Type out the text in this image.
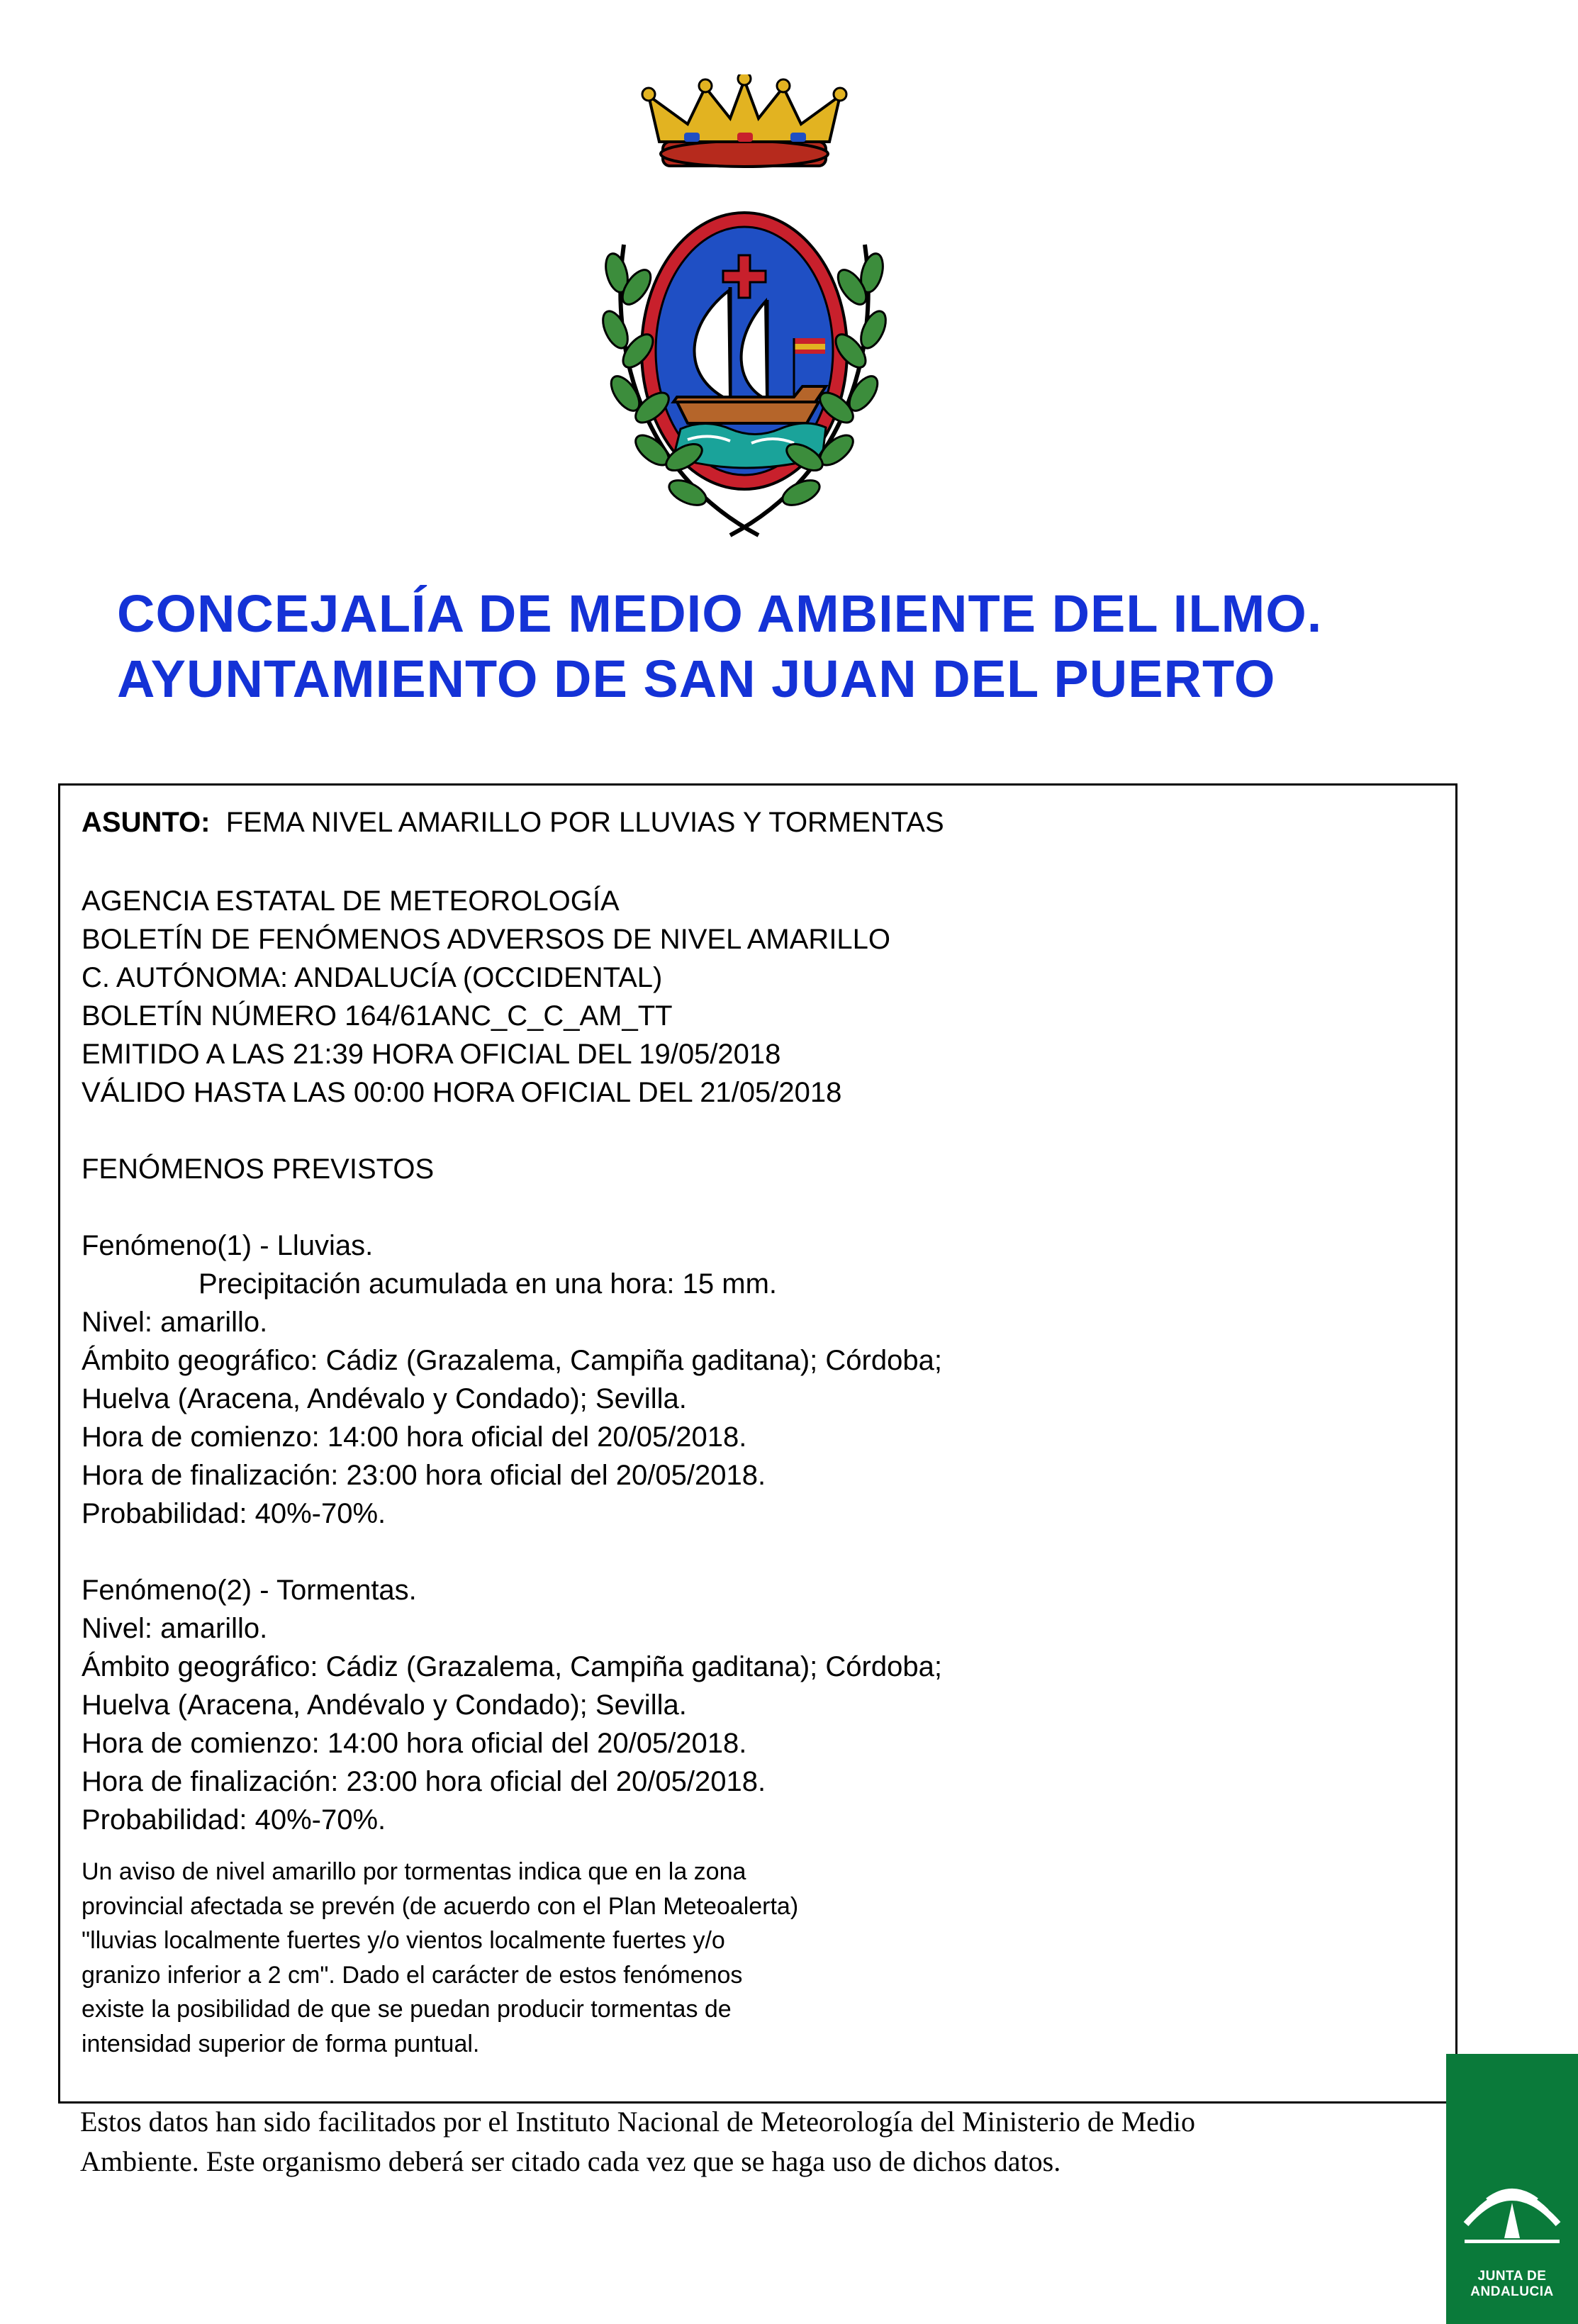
CONCEJALÍA DE MEDIO AMBIENTE DEL ILMO.
AYUNTAMIENTO DE SAN JUAN DEL PUERTO
ASUNTO: FEMA NIVEL AMARILLO POR LLUVIAS Y TORMENTAS
AGENCIA ESTATAL DE METEOROLOGÍA
BOLETÍN DE FENÓMENOS ADVERSOS DE NIVEL AMARILLO
C. AUTÓNOMA: ANDALUCÍA (OCCIDENTAL)
BOLETÍN NÚMERO 164/61ANC_C_C_AM_TT
EMITIDO A LAS 21:39 HORA OFICIAL DEL 19/05/2018
VÁLIDO HASTA LAS 00:00 HORA OFICIAL DEL 21/05/2018
FENÓMENOS PREVISTOS
Fenómeno(1) - Lluvias.
Precipitación acumulada en una hora: 15 mm.
Nivel: amarillo.
Ámbito geográfico: Cádiz (Grazalema, Campiña gaditana); Córdoba;
Huelva (Aracena, Andévalo y Condado); Sevilla.
Hora de comienzo: 14:00 hora oficial del 20/05/2018.
Hora de finalización: 23:00 hora oficial del 20/05/2018.
Probabilidad: 40%-70%.
Fenómeno(2) - Tormentas.
Nivel: amarillo.
Ámbito geográfico: Cádiz (Grazalema, Campiña gaditana); Córdoba;
Huelva (Aracena, Andévalo y Condado); Sevilla.
Hora de comienzo: 14:00 hora oficial del 20/05/2018.
Hora de finalización: 23:00 hora oficial del 20/05/2018.
Probabilidad: 40%-70%.
Un aviso de nivel amarillo por tormentas indica que en la zona
provincial afectada se prevén (de acuerdo con el Plan Meteoalerta)
"lluvias localmente fuertes y/o vientos localmente fuertes y/o
granizo inferior a 2 cm". Dado el carácter de estos fenómenos
existe la posibilidad de que se puedan producir tormentas de
intensidad superior de forma puntual.
Estos datos han sido facilitados por el Instituto Nacional de Meteorología del Ministerio de Medio
Ambiente. Este organismo deberá ser citado cada vez que se haga uso de dichos datos.
JUNTA DE ANDALUCIA
